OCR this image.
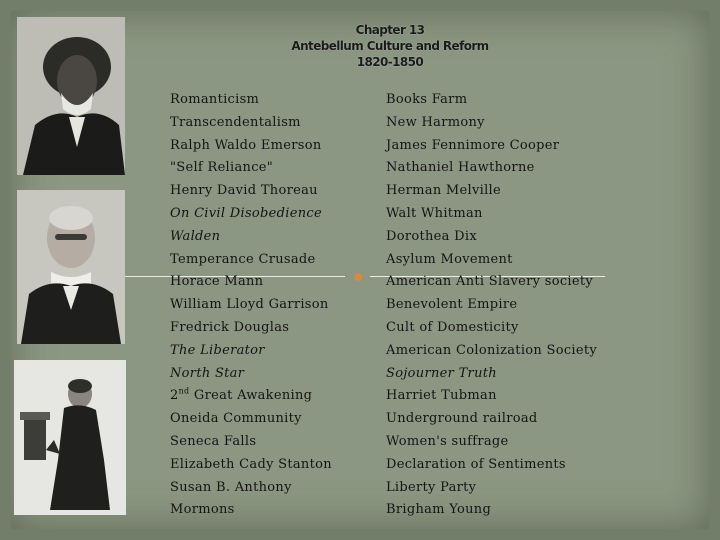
Chapter 13
Antebellum Culture and Reform
1820-1850
Romanticism
Transcendentalism
Ralph Waldo Emerson
"Self Reliance"
Henry David Thoreau
On Civil Disobedience
Walden
Temperance Crusade
Horace Mann
William Lloyd Garrison
Fredrick Douglas
The Liberator
North Star
2nd Great Awakening
Oneida Community
Seneca Falls
Elizabeth Cady Stanton
Susan B. Anthony
Mormons
Books Farm
New Harmony
James Fennimore Cooper
Nathaniel Hawthorne
Herman Melville
Walt Whitman
Dorothea Dix
Asylum Movement
American Anti Slavery society
Benevolent Empire
Cult of Domesticity
American Colonization Society
Sojourner Truth
Harriet Tubman
Underground railroad
Women's suffrage
Declaration of Sentiments
Liberty Party
Brigham Young
